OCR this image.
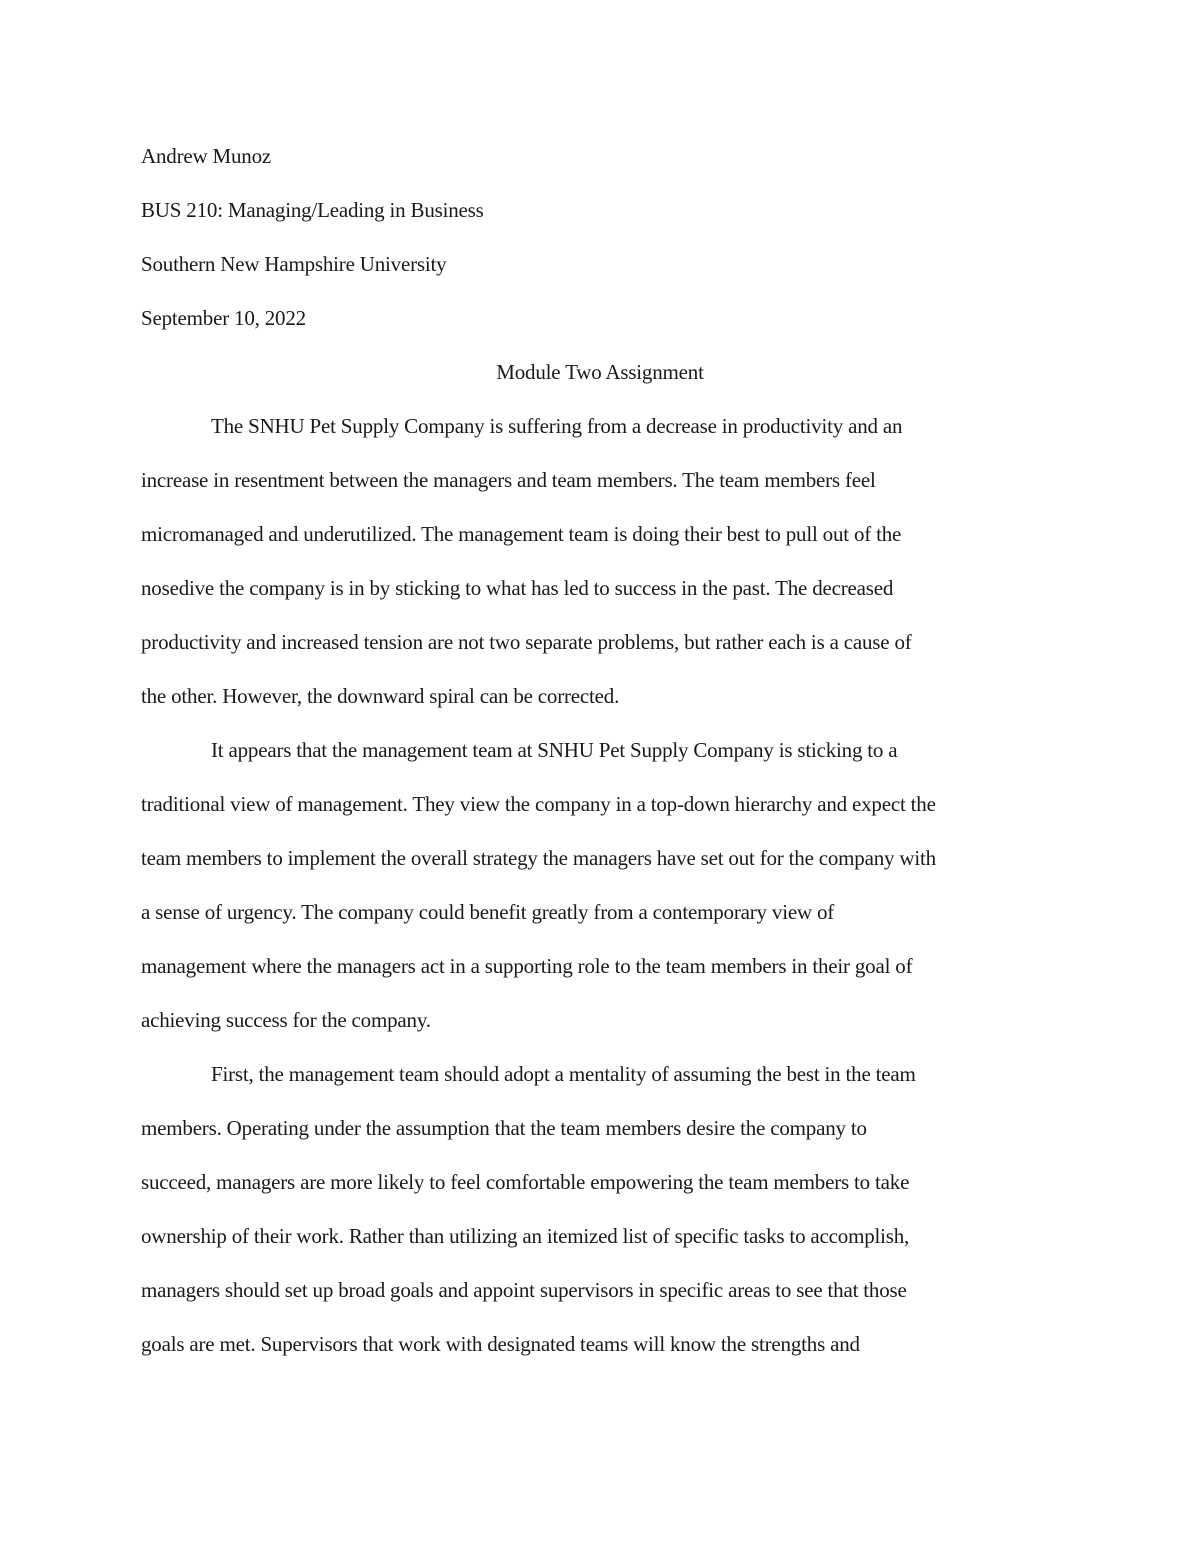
Andrew Munoz

BUS 210: Managing/Leading in Business

Southern New Hampshire University

September 10, 2022

Module Two Assignment

The SNHU Pet Supply Company is suffering from a decrease in productivity and an

increase in resentment between the managers and team members. The team members feel

micromanaged and underutilized. The management team is doing their best to pull out of the

nosedive the company is in by sticking to what has led to success in the past. The decreased

productivity and increased tension are not two separate problems, but rather each is a cause of

the other. However, the downward spiral can be corrected.

It appears that the management team at SNHU Pet Supply Company is sticking to a

traditional view of management. They view the company in a top-down hierarchy and expect the

team members to implement the overall strategy the managers have set out for the company with

a sense of urgency. The company could benefit greatly from a contemporary view of

management where the managers act in a supporting role to the team members in their goal of

achieving success for the company.

First, the management team should adopt a mentality of assuming the best in the team

members. Operating under the assumption that the team members desire the company to

succeed, managers are more likely to feel comfortable empowering the team members to take

ownership of their work. Rather than utilizing an itemized list of specific tasks to accomplish,

managers should set up broad goals and appoint supervisors in specific areas to see that those

goals are met. Supervisors that work with designated teams will know the strengths and
